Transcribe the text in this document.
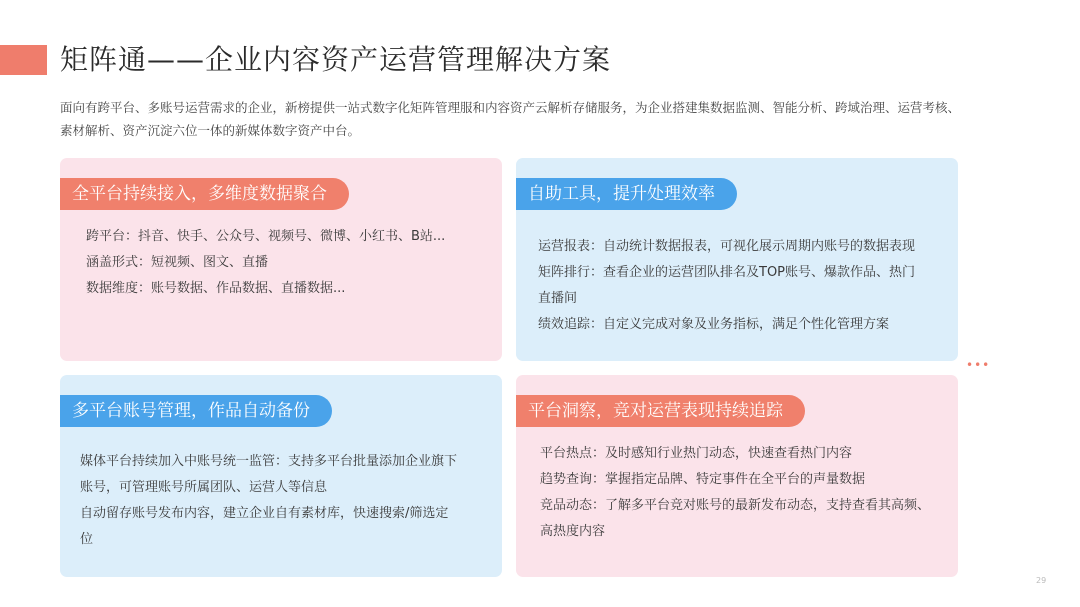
矩阵通——企业内容资产运营管理解决方案

面向有跨平台、多账号运营需求的企业，新榜提供一站式数字化矩阵管理服和内容资产云解析存储服务，为企业搭建集数据监测、智能分析、跨域治理、运营考核、

素材解析、资产沉淀六位一体的新媒体数字资产中台。

全平台持续接入，多维度数据聚合

跨平台：抖音、快手、公众号、视频号、微博、小红书、B站...

涵盖形式：短视频、图文、直播

数据维度：账号数据、作品数据、直播数据...

自助工具，提升处理效率

运营报表：自动统计数据报表，可视化展示周期内账号的数据表现

矩阵排行：查看企业的运营团队排名及TOP账号、爆款作品、热门

直播间

绩效追踪：自定义完成对象及业务指标，满足个性化管理方案

多平台账号管理，作品自动备份

媒体平台持续加入中账号统一监管：支持多平台批量添加企业旗下

账号，可管理账号所属团队、运营人等信息

自动留存账号发布内容，建立企业自有素材库，快速搜索/筛选定

位

平台洞察，竞对运营表现持续追踪

平台热点：及时感知行业热门动态，快速查看热门内容

趋势查询：掌握指定品牌、特定事件在全平台的声量数据

竞品动态：了解多平台竞对账号的最新发布动态，支持查看其高频、

高热度内容

•••
29
